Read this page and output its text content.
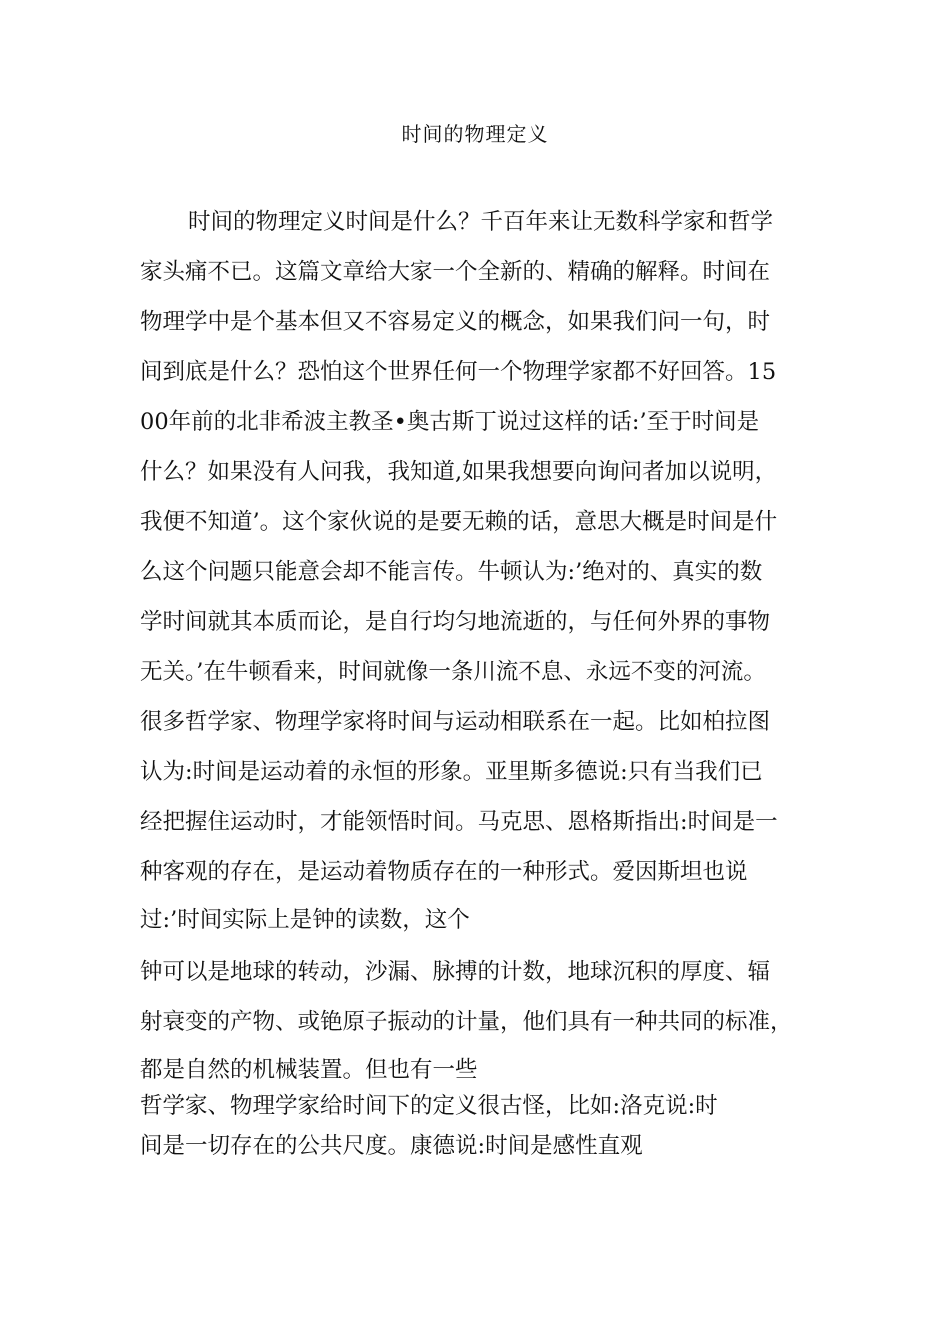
时间的物理定义
时间的物理定义时间是什么？千百年来让无数科学家和哲学
家头痛不已。这篇文章给大家一个全新的、精确的解释。时间在
物理学中是个基本但又不容易定义的概念，如果我们问一句，时
间到底是什么？恐怕这个世界任何一个物理学家都不好回答。15
00年前的北非希波主教圣•奥古斯丁说过这样的话:’至于时间是
什么？如果没有人问我，我知道,如果我想要向询问者加以说明，
我便不知道’。这个家伙说的是要无赖的话，意思大概是时间是什
么这个问题只能意会却不能言传。牛顿认为:’绝对的、真实的数
学时间就其本质而论，是自行均匀地流逝的，与任何外界的事物
无关。’在牛顿看来，时间就像一条川流不息、永远不变的河流。
很多哲学家、物理学家将时间与运动相联系在一起。比如柏拉图
认为:时间是运动着的永恒的形象。亚里斯多德说:只有当我们已
经把握住运动时，才能领悟时间。马克思、恩格斯指出:时间是一
种客观的存在，是运动着物质存在的一种形式。爱因斯坦也说
过:’时间实际上是钟的读数，这个
钟可以是地球的转动，沙漏、脉搏的计数，地球沉积的厚度、辐
射衰变的产物、或铯原子振动的计量，他们具有一种共同的标准，
都是自然的机械装置。但也有一些
哲学家、物理学家给时间下的定义很古怪，比如:洛克说:时
间是一切存在的公共尺度。康德说:时间是感性直观
